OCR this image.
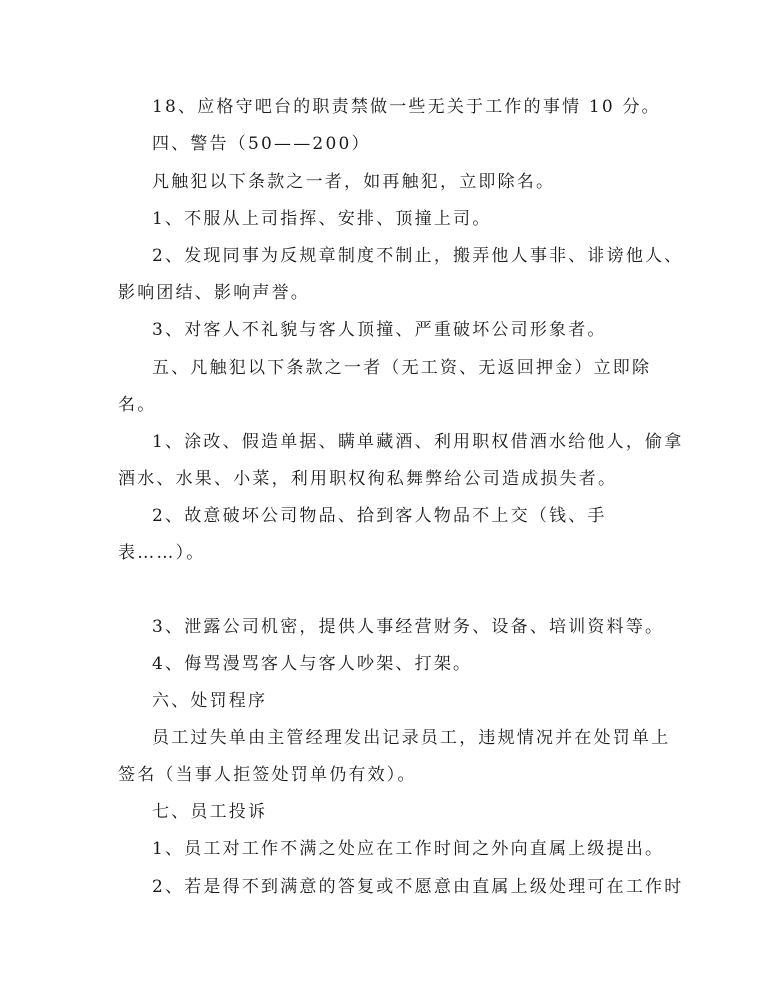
18、应格守吧台的职责禁做一些无关于工作的事情 10 分。
四、警告（50——200）
凡触犯以下条款之一者，如再触犯，立即除名。
1、不服从上司指挥、安排、顶撞上司。
2、发现同事为反规章制度不制止，搬弄他人事非、诽谤他人、
影响团结、影响声誉。
3、对客人不礼貌与客人顶撞、严重破坏公司形象者。
五、凡触犯以下条款之一者（无工资、无返回押金）立即除
名。
1、涂改、假造单据、瞒单藏酒、利用职权借酒水给他人，偷拿
酒水、水果、小菜，利用职权徇私舞弊给公司造成损失者。
2、故意破坏公司物品、拾到客人物品不上交（钱、手
表……）。
3、泄露公司机密，提供人事经营财务、设备、培训资料等。
4、侮骂漫骂客人与客人吵架、打架。
六、处罚程序
员工过失单由主管经理发出记录员工，违规情况并在处罚单上
签名（当事人拒签处罚单仍有效）。
七、员工投诉
1、员工对工作不满之处应在工作时间之外向直属上级提出。
2、若是得不到满意的答复或不愿意由直属上级处理可在工作时
